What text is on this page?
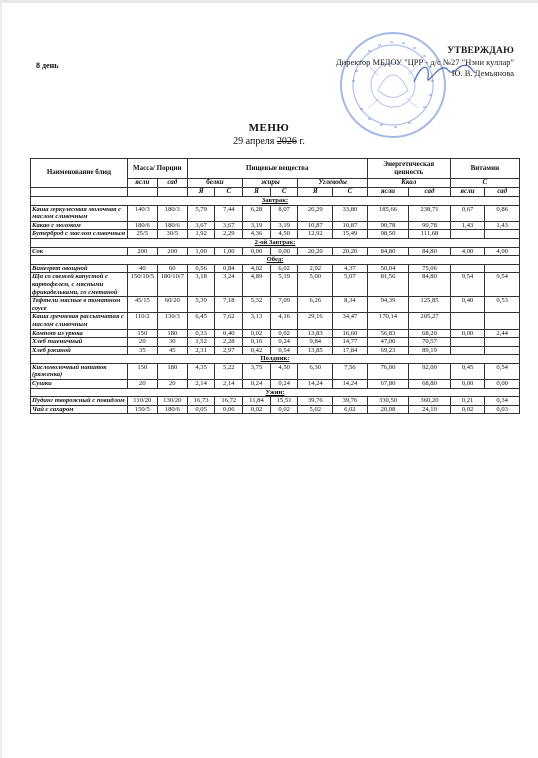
8 день
УТВЕРЖДАЮ
Директор МБДОУ "ЦРР - д/с №27 "Нэни куллар"
Ю. В. Демьянова
МЕНЮ
29 апреля 2026 г.
Наименование блюд	Масса/ Порции		Пищевые вещества						Энергетическая ценность		Витамин	
	ясли	сад	белки		жиры		Углеводы		Ккал		С	
			Я	С	Я	С	Я	С	ясли	сад	ясли	сад
Завтрак:												
Каша геркулесовая молочная с маслом сливочным	140/3	180/3	5,79	7,44	6,28	8,07	26,29	33,80	185,66	238,71	0,67	0,86
Какао с молоком	180/6	180/6	3,67	3,67	3,19	3,19	10,87	10,87	90,78	90,78	1,43	1,43
Бутерброд с маслом сливочным	25/5	30/5	1,92	2,29	4,36	4,50	12,92	15,49	98,50	111,68		
2-ой Завтрак:												
Сок	200	200	1,00	1,00	0,00	0,00	20,20	20,20	84,80	84,80	4,00	4,00
Обед:												
Винегрет овощной	40	60	0,56	0,84	4,02	6,02	2,92	4,37	50,04	75,06		
Щи со свежей капустой с картофелем, с мясными фрикадельками, со сметаной	150/10/5	180/10/7	3,18	3,24	4,89	5,19	5,00	5,07	81,56	84,80	9,54	9,54
Тефтели мясные в томатном соусе	45/15	60/20	5,39	7,18	5,32	7,09	6,26	8,34	94,39	125,85	0,40	0,53
Каша гречневая рассыпчатая с маслом сливочным	110/2	130/3	6,45	7,62	3,13	4,16	29,16	34,47	170,14	205,27		
Компот из урюка	150	180	0,33	0,40	0,02	0,02	13,83	16,60	56,83	68,20	0,00	2,44
Хлеб пшеничный	20	30	1,52	2,28	0,16	0,24	9,84	14,77	47,00	70,57		
Хлеб ржаной	35	45	2,31	2,97	0,42	0,54	13,85	17,84	69,23	89,19		
Полдник:												
Кисломолочный напиток (ряженка)	150	180	4,35	5,22	3,75	4,50	6,30	7,56	76,00	92,00	0,45	0,54
Сушки	20	20	2,14	2,14	0,24	0,24	14,24	14,24	67,80	68,80	0,00	0,00
Ужин:												
Пудинг творожный с повидлом	110/20	130/20	16,73	16,72	11,84	15,51	39,76	39,76	330,50	360,20	0,21	0,34
Чай с сахаром	150/5	180/6	0,05	0,06	0,02	0,02	5,02	6,02	20,08	24,10	0,02	0,03
